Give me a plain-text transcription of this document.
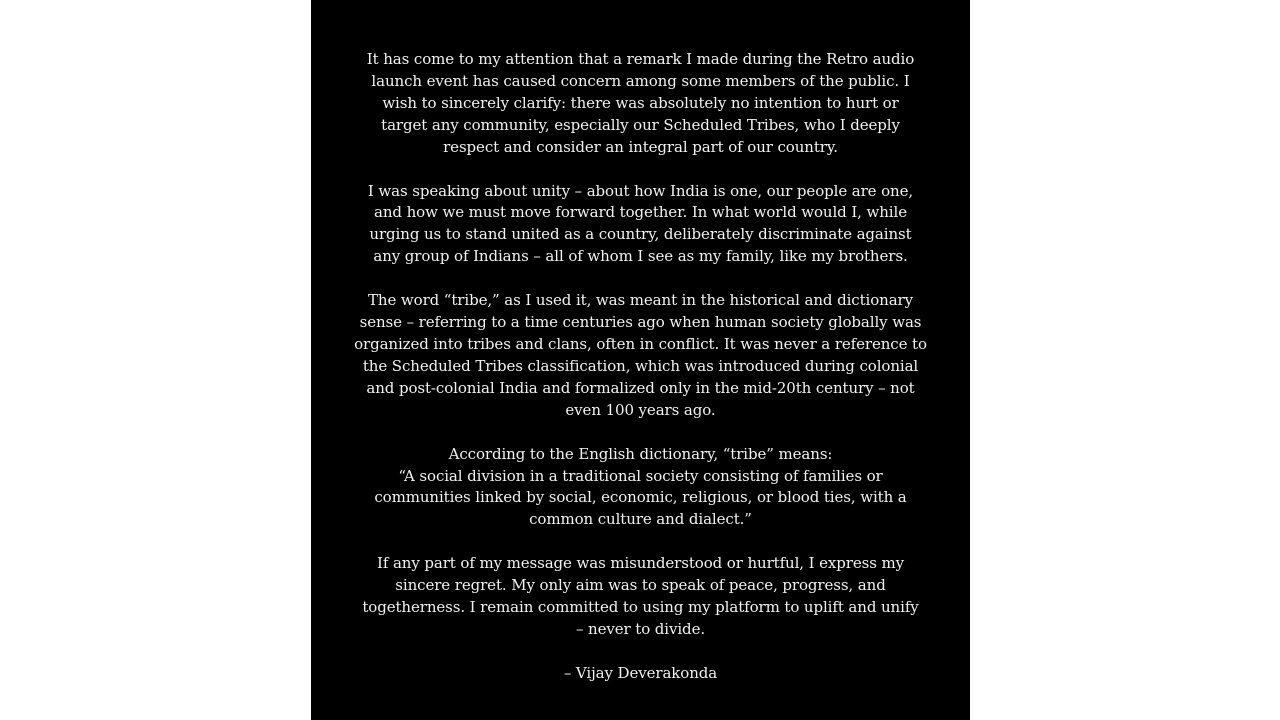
It has come to my attention that a remark I made during the Retro audio
launch event has caused concern among some members of the public. I
wish to sincerely clarify: there was absolutely no intention to hurt or
target any community, especially our Scheduled Tribes, who I deeply
respect and consider an integral part of our country.

I was speaking about unity – about how India is one, our people are one,
and how we must move forward together. In what world would I, while
urging us to stand united as a country, deliberately discriminate against
any group of Indians – all of whom I see as my family, like my brothers.

The word “tribe,” as I used it, was meant in the historical and dictionary
sense – referring to a time centuries ago when human society globally was
organized into tribes and clans, often in conflict. It was never a reference to
the Scheduled Tribes classification, which was introduced during colonial
and post-colonial India and formalized only in the mid-20th century – not
even 100 years ago.

According to the English dictionary, “tribe” means:
“A social division in a traditional society consisting of families or
communities linked by social, economic, religious, or blood ties, with a
common culture and dialect.”

If any part of my message was misunderstood or hurtful, I express my
sincere regret. My only aim was to speak of peace, progress, and
togetherness. I remain committed to using my platform to uplift and unify
– never to divide.

– Vijay Deverakonda
